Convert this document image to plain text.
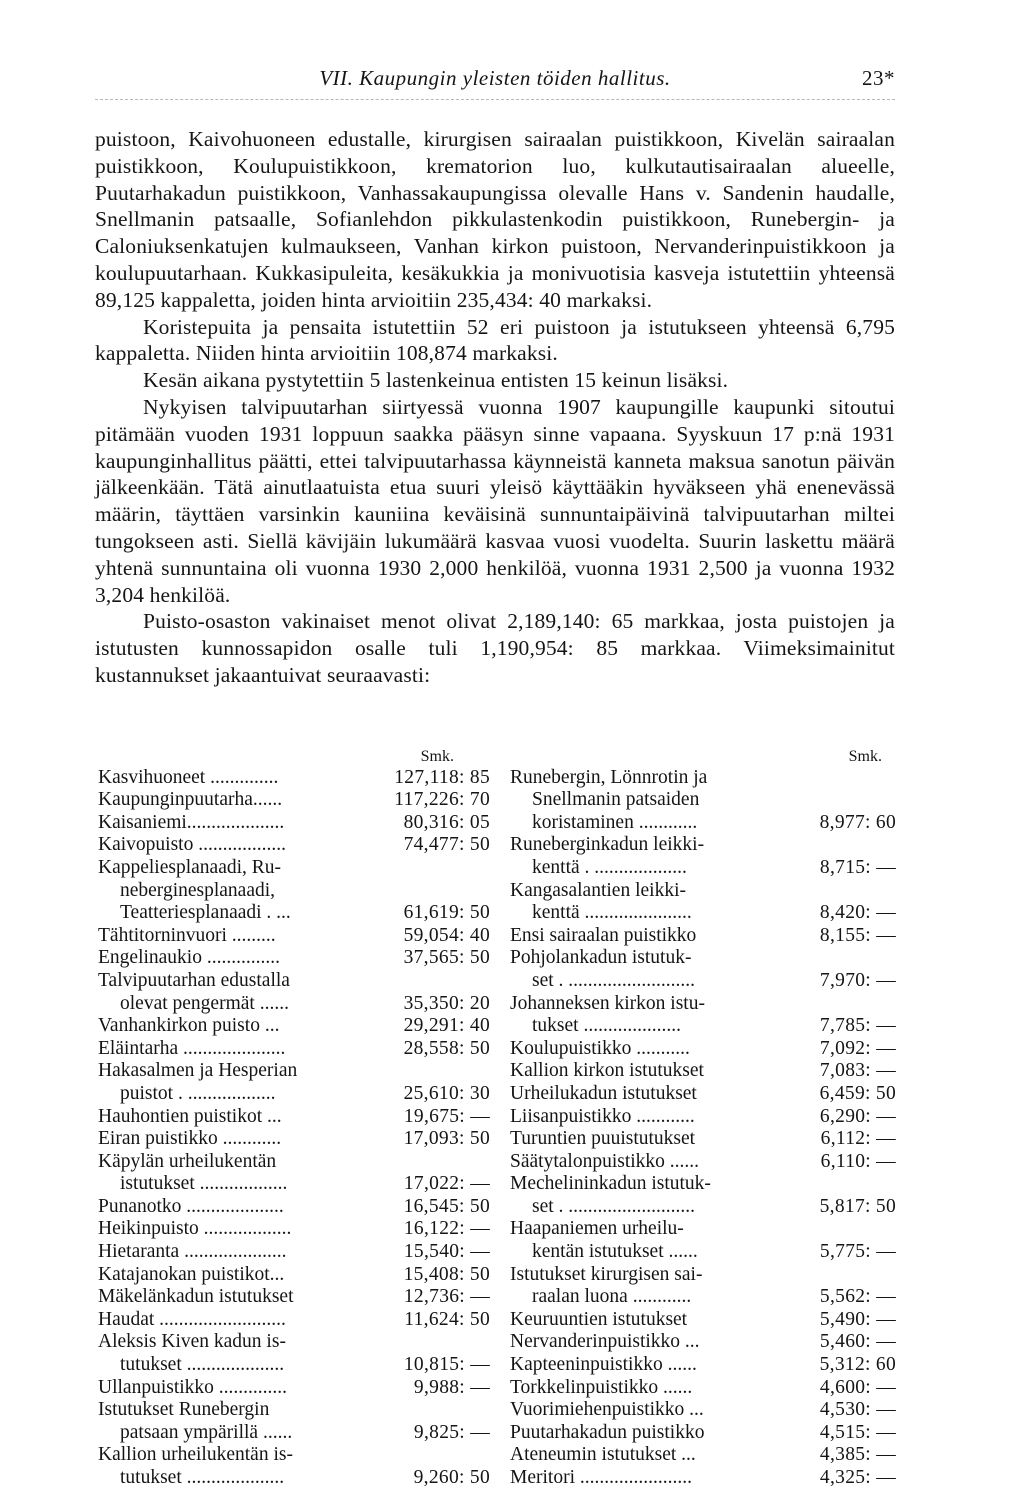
VII. Kaupungin yleisten töiden hallitus.	23*

puistoon, Kaivohuoneen edustalle, kirurgisen sairaalan puistikkoon, Kivelän sairaalan puistikkoon, Koulupuistikkoon, krematorion luo, kulkutautisairaalan alueelle, Puutarhakadun puistikkoon, Vanhassakaupungissa olevalle Hans v. Sandenin haudalle, Snellmanin patsaalle, Sofianlehdon pikkulastenkodin puistikkoon, Runebergin- ja Caloniuksenkatujen kulmaukseen, Vanhan kirkon puistoon, Nervanderinpuistikkoon ja koulupuutarhaan. Kukkasipuleita, kesäkukkia ja monivuotisia kasveja istutettiin yhteensä 89,125 kappaletta, joiden hinta arvioitiin 235,434: 40 markaksi.

Koristepuita ja pensaita istutettiin 52 eri puistoon ja istutukseen yhteensä 6,795 kappaletta. Niiden hinta arvioitiin 108,874 markaksi.

Kesän aikana pystytettiin 5 lastenkeinua entisten 15 keinun lisäksi.

Nykyisen talvipuutarhan siirtyessä vuonna 1907 kaupungille kaupunki sitoutui pitämään vuoden 1931 loppuun saakka pääsyn sinne vapaana. Syyskuun 17 p:nä 1931 kaupunginhallitus päätti, ettei talvipuutarhassa käynneistä kanneta maksua sanotun päivän jälkeenkään. Tätä ainutlaatuista etua suuri yleisö käyttääkin hyväkseen yhä enenevässä määrin, täyttäen varsinkin kauniina keväisinä sunnuntaipäivinä talvipuutarhan miltei tungokseen asti. Siellä kävijäin lukumäärä kasvaa vuosi vuodelta. Suurin laskettu määrä yhtenä sunnuntaina oli vuonna 1930 2,000 henkilöä, vuonna 1931 2,500 ja vuonna 1932 3,204 henkilöä.

Puisto-osaston vakinaiset menot olivat 2,189,140: 65 markkaa, josta puistojen ja istutusten kunnossapidon osalle tuli 1,190,954: 85 markkaa. Viimeksimainitut kustannukset jakaantuivat seuraavasti:

Smk.
Kasvihuoneet ..............	127,118: 85
Kaupunginpuutarha......	117,226: 70
Kaisaniemi....................	80,316: 05
Kaivopuisto ..................	74,477: 50
Kappeliesplanaadi, Ru-
neberginesplanaadi,
Teatteriesplanaadi . ...	61,619: 50
Tähtitorninvuori .........	59,054: 40
Engelinaukio ...............	37,565: 50
Talvipuutarhan edustalla
olevat pengermät ......	35,350: 20
Vanhankirkon puisto ...	29,291: 40
Eläintarha .....................	28,558: 50
Hakasalmen ja Hesperian
puistot . ..................	25,610: 30
Hauhontien puistikot ...	19,675: —
Eiran puistikko ............	17,093: 50
Käpylän urheilukentän
istutukset ..................	17,022: —
Punanotko ....................	16,545: 50
Heikinpuisto ..................	16,122: —
Hietaranta .....................	15,540: —
Katajanokan puistikot...	15,408: 50
Mäkelänkadun istutukset	12,736: —
Haudat ..........................	11,624: 50
Aleksis Kiven kadun is-
tutukset ....................	10,815: —
Ullanpuistikko ..............	9,988: —
Istutukset Runebergin
patsaan ympärillä ......	9,825: —
Kallion urheilukentän is-
tutukset ....................	9,260: 50
Smk.
Runebergin, Lönnrotin ja
Snellmanin patsaiden
koristaminen ............	8,977: 60
Runeberginkadun leikki-
kenttä . ...................	8,715: —
Kangasalantien leikki-
kenttä ......................	8,420: —
Ensi sairaalan puistikko	8,155: —
Pohjolankadun istutuk-
set . ..........................	7,970: —
Johanneksen kirkon istu-
tukset ....................	7,785: —
Koulupuistikko ...........	7,092: —
Kallion kirkon istutukset	7,083: —
Urheilukadun istutukset	6,459: 50
Liisanpuistikko ............	6,290: —
Turuntien puuistutukset	6,112: —
Säätytalonpuistikko ......	6,110: —
Mechelininkadun istutuk-
set . ..........................	5,817: 50
Haapaniemen urheilu-
kentän istutukset ......	5,775: —
Istutukset kirurgisen sai-
raalan luona ............	5,562: —
Keuruuntien istutukset	5,490: —
Nervanderinpuistikko ...	5,460: —
Kapteeninpuistikko ......	5,312: 60
Torkkelinpuistikko ......	4,600: —
Vuorimiehenpuistikko ...	4,530: —
Puutarhakadun puistikko	4,515: —
Ateneumin istutukset ...	4,385: —
Meritori .......................	4,325: —
